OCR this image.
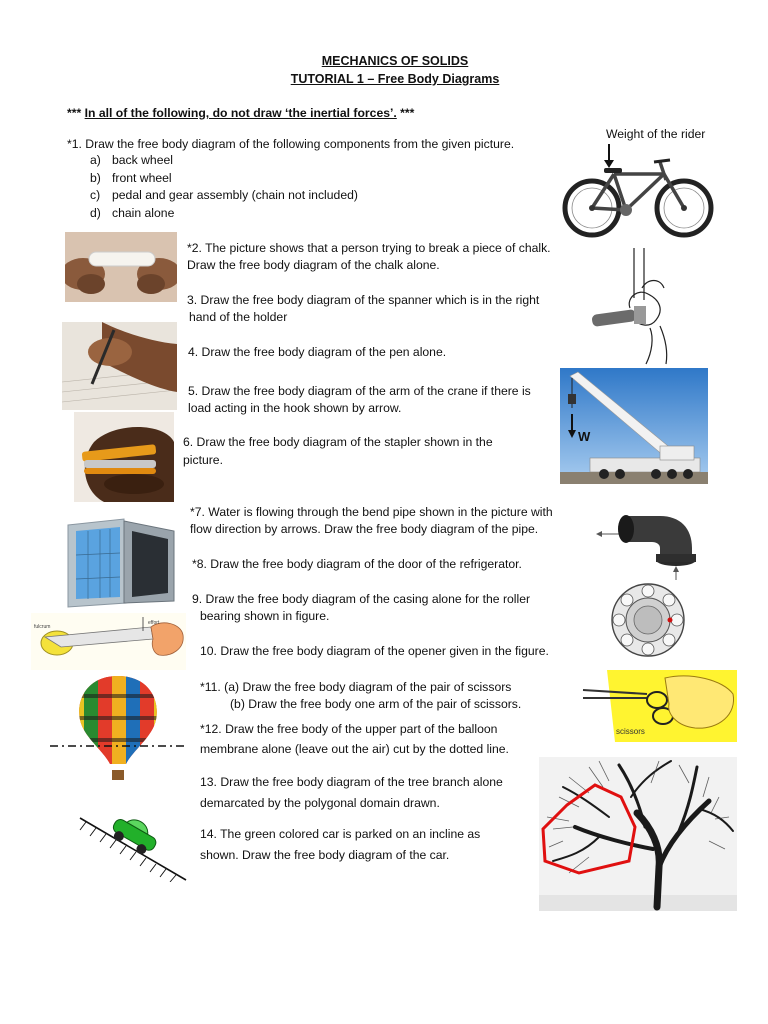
MECHANICS OF SOLIDS
TUTORIAL 1 – Free Body Diagrams
*** In all of the following, do not draw ‘the inertial forces’. ***
*1. Draw the free body diagram of the following components from the given picture.
a) back wheel
b) front wheel
c) pedal and gear assembly (chain not included)
d) chain alone
Weight of the rider
*2. The picture shows that a person trying to break a piece of chalk.
Draw the free body diagram of the chalk alone.
3. Draw the free body diagram of the spanner which is in the right
hand of the holder
4. Draw the free body diagram of the pen alone.
5. Draw the free body diagram of the arm of the crane if there is
load acting in the hook shown by arrow.
W
6. Draw the free body diagram of the stapler shown in the
picture.
*7. Water is flowing through the bend pipe shown in the picture with
flow direction by arrows. Draw the free body diagram of the pipe.
*8. Draw the free body diagram of the door of the refrigerator.
9. Draw the free body diagram of the casing alone for the roller
bearing shown in figure.
fulcrum
effort
10. Draw the free body diagram of the opener given in the figure.
*11. (a) Draw the free body diagram of the pair of scissors
(b) Draw the free body one arm of the pair of scissors.
scissors
*12. Draw the free body of the upper part of the balloon
membrane alone (leave out the air) cut by the dotted line.
13. Draw the free body diagram of the tree branch alone
demarcated by the polygonal domain drawn.
14. The green colored car is parked on an incline as
shown. Draw the free body diagram of the car.
